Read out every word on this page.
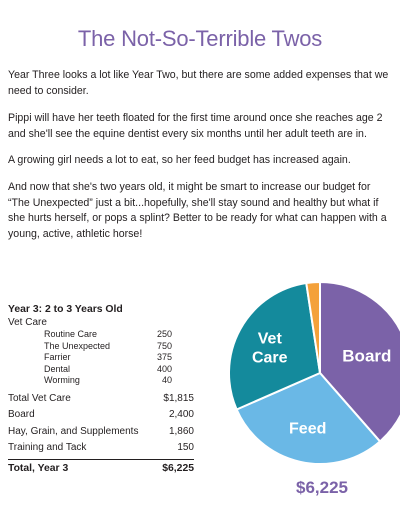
The Not-So-Terrible Twos

Year Three looks a lot like Year Two, but there are some added expenses that we need to consider.

Pippi will have her teeth floated for the first time around once she reaches age 2 and she'll see the equine dentist every six months until her adult teeth are in.

A growing girl needs a lot to eat, so her feed budget has increased again.

And now that she's two years old, it might be smart to increase our budget for “The Unexpected” just a bit...hopefully, she'll stay sound and healthy but what if she hurts herself, or pops a splint? Better to be ready for what can happen with a young, active, athletic horse!

Year 3: 2 to 3 Years Old
Vet Care
Routine Care	250
The Unexpected	750
Farrier	375
Dental	400
Worming	40
Total Vet Care	$1,815
Board	2,400
Hay, Grain, and Supplements	1,860
Training and Tack	150
Total, Year 3	$6,225
Board
Feed
Vet Care
$6,225
